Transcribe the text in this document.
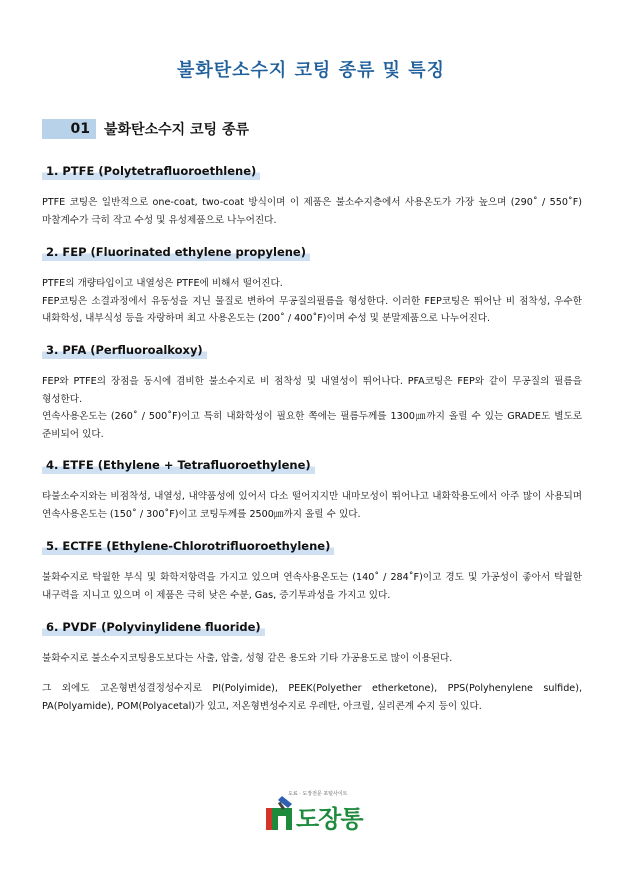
불화탄소수지 코팅 종류 및 특징
01	불화탄소수지 코팅 종류
1. PTFE (Polytetrafluoroethlene)

PTFE 코팅은 일반적으로 one-coat, two-coat 방식이며 이 제품은 불소수지층에서 사용온도가 가장 높으며 (290˚ / 550˚F) 마찰계수가 극히 작고 수성 및 유성제품으로 나누어진다.

2. FEP (Fluorinated ethylene propylene)

PTFE의 개량타입이고 내열성은 PTFE에 비해서 떨어진다.

FEP코팅은 소결과정에서 유동성을 지닌 물질로 변하여 무공질의필름을 형성한다. 이러한 FEP코팅은 뛰어난 비 점착성, 우수한 내화학성, 내부식성 등을 자랑하며 최고 사용온도는 (200˚ / 400˚F)이며 수성 및 분말제품으로 나누어진다.

3. PFA (Perfluoroalkoxy)

FEP와 PTFE의 장점을 동시에 겸비한 불소수지로 비 점착성 및 내열성이 뛰어나다. PFA코팅은 FEP와 같이 무공질의 필름을 형성한다.

연속사용온도는 (260˚ / 500˚F)이고 특히 내화학성이 필요한 쪽에는 필름두께를 1300㎛까지 올릴 수 있는 GRADE도 별도로 준비되어 있다.

4. ETFE (Ethylene + Tetrafluoroethylene)

타불소수지와는 비점착성, 내열성, 내약품성에 있어서 다소 떨어지지만 내마모성이 뛰어나고 내화학용도에서 아주 많이 사용되며 연속사용온도는 (150˚ / 300˚F)이고 코팅두께를 2500㎛까지 올릴 수 있다.

5. ECTFE (Ethylene-Chlorotrifluoroethylene)

불화수지로 탁월한 부식 및 화학저항력을 가지고 있으며 연속사용온도는 (140˚ / 284˚F)이고 경도 및 가공성이 좋아서 탁월한 내구력을 지니고 있으며 이 제품은 극히 낮은 수분, Gas, 증기투과성을 가지고 있다.

6. PVDF (Polyvinylidene fluoride)

불화수지로 불소수지코팅용도보다는 사출, 압출, 성형 같은 용도와 기타 가공용도로 많이 이용된다.

그 외에도 고온형변성결정성수지로 PI(Polyimide), PEEK(Polyether etherketone), PPS(Polyhenylene sulfide), PA(Polyamide), POM(Polyacetal)가 있고, 저온형변성수지로 우레탄, 아크릴, 실리콘계 수지 등이 있다.

도료 · 도장전문 포털사이트
도장통
